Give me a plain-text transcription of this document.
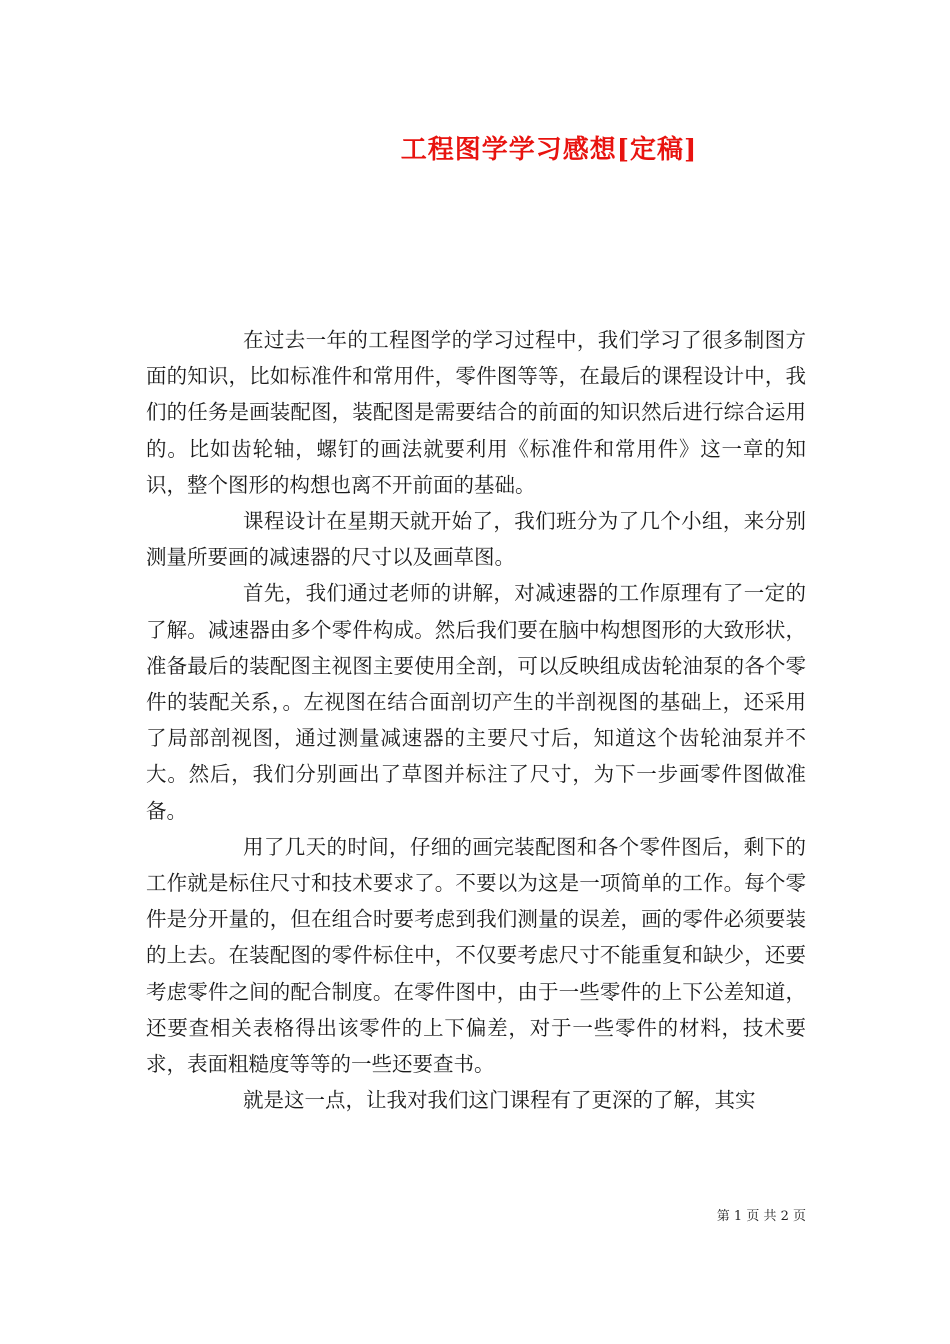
工程图学学习感想[定稿]

在过去一年的工程图学的学习过程中，我们学习了很多制图方面的知识，比如标准件和常用件，零件图等等，在最后的课程设计中，我们的任务是画装配图，装配图是需要结合的前面的知识然后进行综合运用的。比如齿轮轴，螺钉的画法就要利用《标准件和常用件》这一章的知识，整个图形的构想也离不开前面的基础。

课程设计在星期天就开始了，我们班分为了几个小组，来分别测量所要画的减速器的尺寸以及画草图。

首先，我们通过老师的讲解，对减速器的工作原理有了一定的了解。减速器由多个零件构成。然后我们要在脑中构想图形的大致形状，准备最后的装配图主视图主要使用全剖，可以反映组成齿轮油泵的各个零件的装配关系，。左视图在结合面剖切产生的半剖视图的基础上，还采用了局部剖视图，通过测量减速器的主要尺寸后，知道这个齿轮油泵并不大。然后，我们分别画出了草图并标注了尺寸，为下一步画零件图做准备。

用了几天的时间，仔细的画完装配图和各个零件图后，剩下的工作就是标住尺寸和技术要求了。不要以为这是一项简单的工作。每个零件是分开量的，但在组合时要考虑到我们测量的误差，画的零件必须要装的上去。在装配图的零件标住中，不仅要考虑尺寸不能重复和缺少，还要考虑零件之间的配合制度。在零件图中，由于一些零件的上下公差知道，还要查相关表格得出该零件的上下偏差，对于一些零件的材料，技术要求，表面粗糙度等等的一些还要查书。

就是这一点，让我对我们这门课程有了更深的了解，其实

第 1 页 共 2 页
